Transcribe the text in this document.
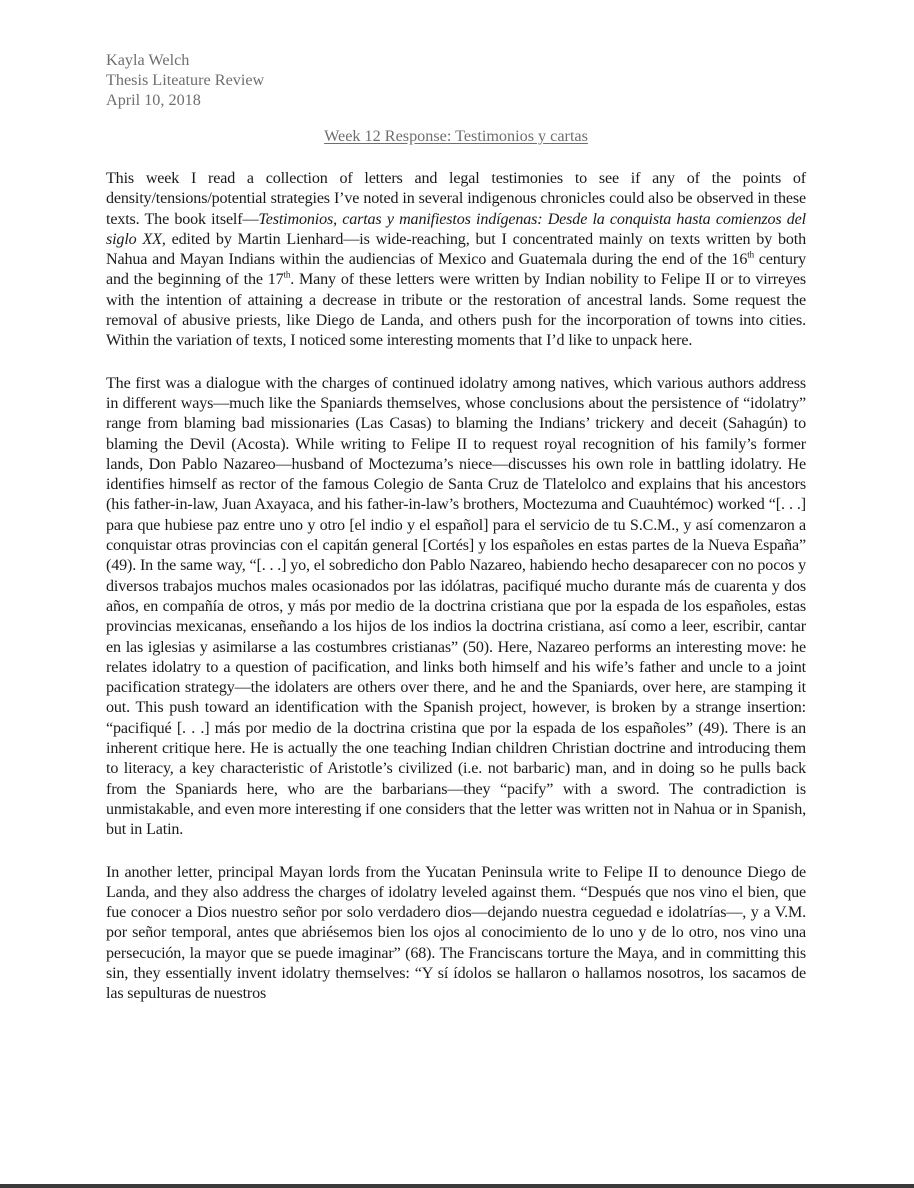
Kayla Welch
Thesis Liteature Review
April 10, 2018
Week 12 Response: Testimonios y cartas

This week I read a collection of letters and legal testimonies to see if any of the points of density/tensions/potential strategies I’ve noted in several indigenous chronicles could also be observed in these texts. The book itself—Testimonios, cartas y manifiestos indígenas: Desde la conquista hasta comienzos del siglo XX, edited by Martin Lienhard—is wide-reaching, but I concentrated mainly on texts written by both Nahua and Mayan Indians within the audiencias of Mexico and Guatemala during the end of the 16th century and the beginning of the 17th. Many of these letters were written by Indian nobility to Felipe II or to virreyes with the intention of attaining a decrease in tribute or the restoration of ancestral lands. Some request the removal of abusive priests, like Diego de Landa, and others push for the incorporation of towns into cities. Within the variation of texts, I noticed some interesting moments that I’d like to unpack here.

The first was a dialogue with the charges of continued idolatry among natives, which various authors address in different ways—much like the Spaniards themselves, whose conclusions about the persistence of “idolatry” range from blaming bad missionaries (Las Casas) to blaming the Indians’ trickery and deceit (Sahagún) to blaming the Devil (Acosta). While writing to Felipe II to request royal recognition of his family’s former lands, Don Pablo Nazareo—husband of Moctezuma’s niece—discusses his own role in battling idolatry. He identifies himself as rector of the famous Colegio de Santa Cruz de Tlatelolco and explains that his ancestors (his father-in-law, Juan Axayaca, and his father-in-law’s brothers, Moctezuma and Cuauhtémoc) worked “[. . .] para que hubiese paz entre uno y otro [el indio y el español] para el servicio de tu S.C.M., y así comenzaron a conquistar otras provincias con el capitán general [Cortés] y los españoles en estas partes de la Nueva España” (49). In the same way, “[. . .] yo, el sobredicho don Pablo Nazareo, habiendo hecho desaparecer con no pocos y diversos trabajos muchos males ocasionados por las idólatras, pacifiqué mucho durante más de cuarenta y dos años, en compañía de otros, y más por medio de la doctrina cristiana que por la espada de los españoles, estas provincias mexicanas, enseñando a los hijos de los indios la doctrina cristiana, así como a leer, escribir, cantar en las iglesias y asimilarse a las costumbres cristianas” (50). Here, Nazareo performs an interesting move: he relates idolatry to a question of pacification, and links both himself and his wife’s father and uncle to a joint pacification strategy—the idolaters are others over there, and he and the Spaniards, over here, are stamping it out. This push toward an identification with the Spanish project, however, is broken by a strange insertion: “pacifiqué [. . .] más por medio de la doctrina cristina que por la espada de los españoles” (49). There is an inherent critique here. He is actually the one teaching Indian children Christian doctrine and introducing them to literacy, a key characteristic of Aristotle’s civilized (i.e. not barbaric) man, and in doing so he pulls back from the Spaniards here, who are the barbarians—they “pacify” with a sword. The contradiction is unmistakable, and even more interesting if one considers that the letter was written not in Nahua or in Spanish, but in Latin.

In another letter, principal Mayan lords from the Yucatan Peninsula write to Felipe II to denounce Diego de Landa, and they also address the charges of idolatry leveled against them. “Después que nos vino el bien, que fue conocer a Dios nuestro señor por solo verdadero dios—dejando nuestra ceguedad e idolatrías—, y a V.M. por señor temporal, antes que abriésemos bien los ojos al conocimiento de lo uno y de lo otro, nos vino una persecución, la mayor que se puede imaginar” (68). The Franciscans torture the Maya, and in committing this sin, they essentially invent idolatry themselves: “Y sí ídolos se hallaron o hallamos nosotros, los sacamos de las sepulturas de nuestros
